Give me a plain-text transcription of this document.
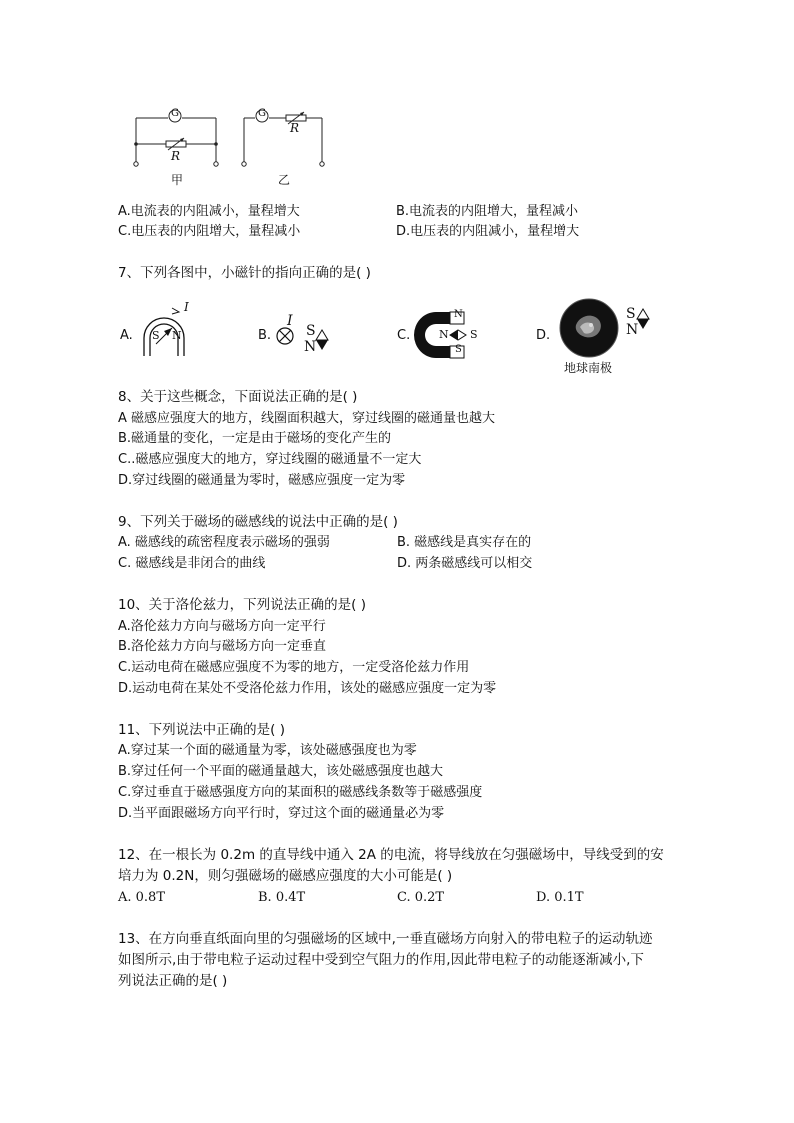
G
R
甲
G
R
乙
A.电流表的内阻减小，量程增大	B.电流表的内阻增大，量程减小
C.电压表的内阻增大，量程减小	D.电压表的内阻减小，量程增大
7、下列各图中，小磁针的指向正确的是( )
A.
I
S N	B.
I
S
N
C.
N
S
N S	D.
S
N
地球南极
8、关于这些概念，下面说法正确的是( )
A 磁感应强度大的地方，线圈面积越大，穿过线圈的磁通量也越大
B.磁通量的变化，一定是由于磁场的变化产生的
C..磁感应强度大的地方，穿过线圈的磁通量不一定大
D.穿过线圈的磁通量为零时，磁感应强度一定为零
9、下列关于磁场的磁感线的说法中正确的是( )
A. 磁感线的疏密程度表示磁场的强弱	B. 磁感线是真实存在的
C. 磁感线是非闭合的曲线	D. 两条磁感线可以相交
10、关于洛伦兹力，下列说法正确的是( )
A.洛伦兹力方向与磁场方向一定平行
B.洛伦兹力方向与磁场方向一定垂直
C.运动电荷在磁感应强度不为零的地方，一定受洛伦兹力作用
D.运动电荷在某处不受洛伦兹力作用，该处的磁感应强度一定为零
11、下列说法中正确的是( )
A.穿过某一个面的磁通量为零，该处磁感强度也为零
B.穿过任何一个平面的磁通量越大，该处磁感强度也越大
C.穿过垂直于磁感强度方向的某面积的磁感线条数等于磁感强度
D.当平面跟磁场方向平行时，穿过这个面的磁通量必为零
12、在一根长为 0.2m 的直导线中通入 2A 的电流，将导线放在匀强磁场中，导线受到的安
培力为 0.2N，则匀强磁场的磁感应强度的大小可能是( )
A. 0.8T	B. 0.4T	C. 0.2T	D. 0.1T
13、在方向垂直纸面向里的匀强磁场的区域中,一垂直磁场方向射入的带电粒子的运动轨迹
如图所示,由于带电粒子运动过程中受到空气阻力的作用,因此带电粒子的动能逐渐减小,下
列说法正确的是( )
